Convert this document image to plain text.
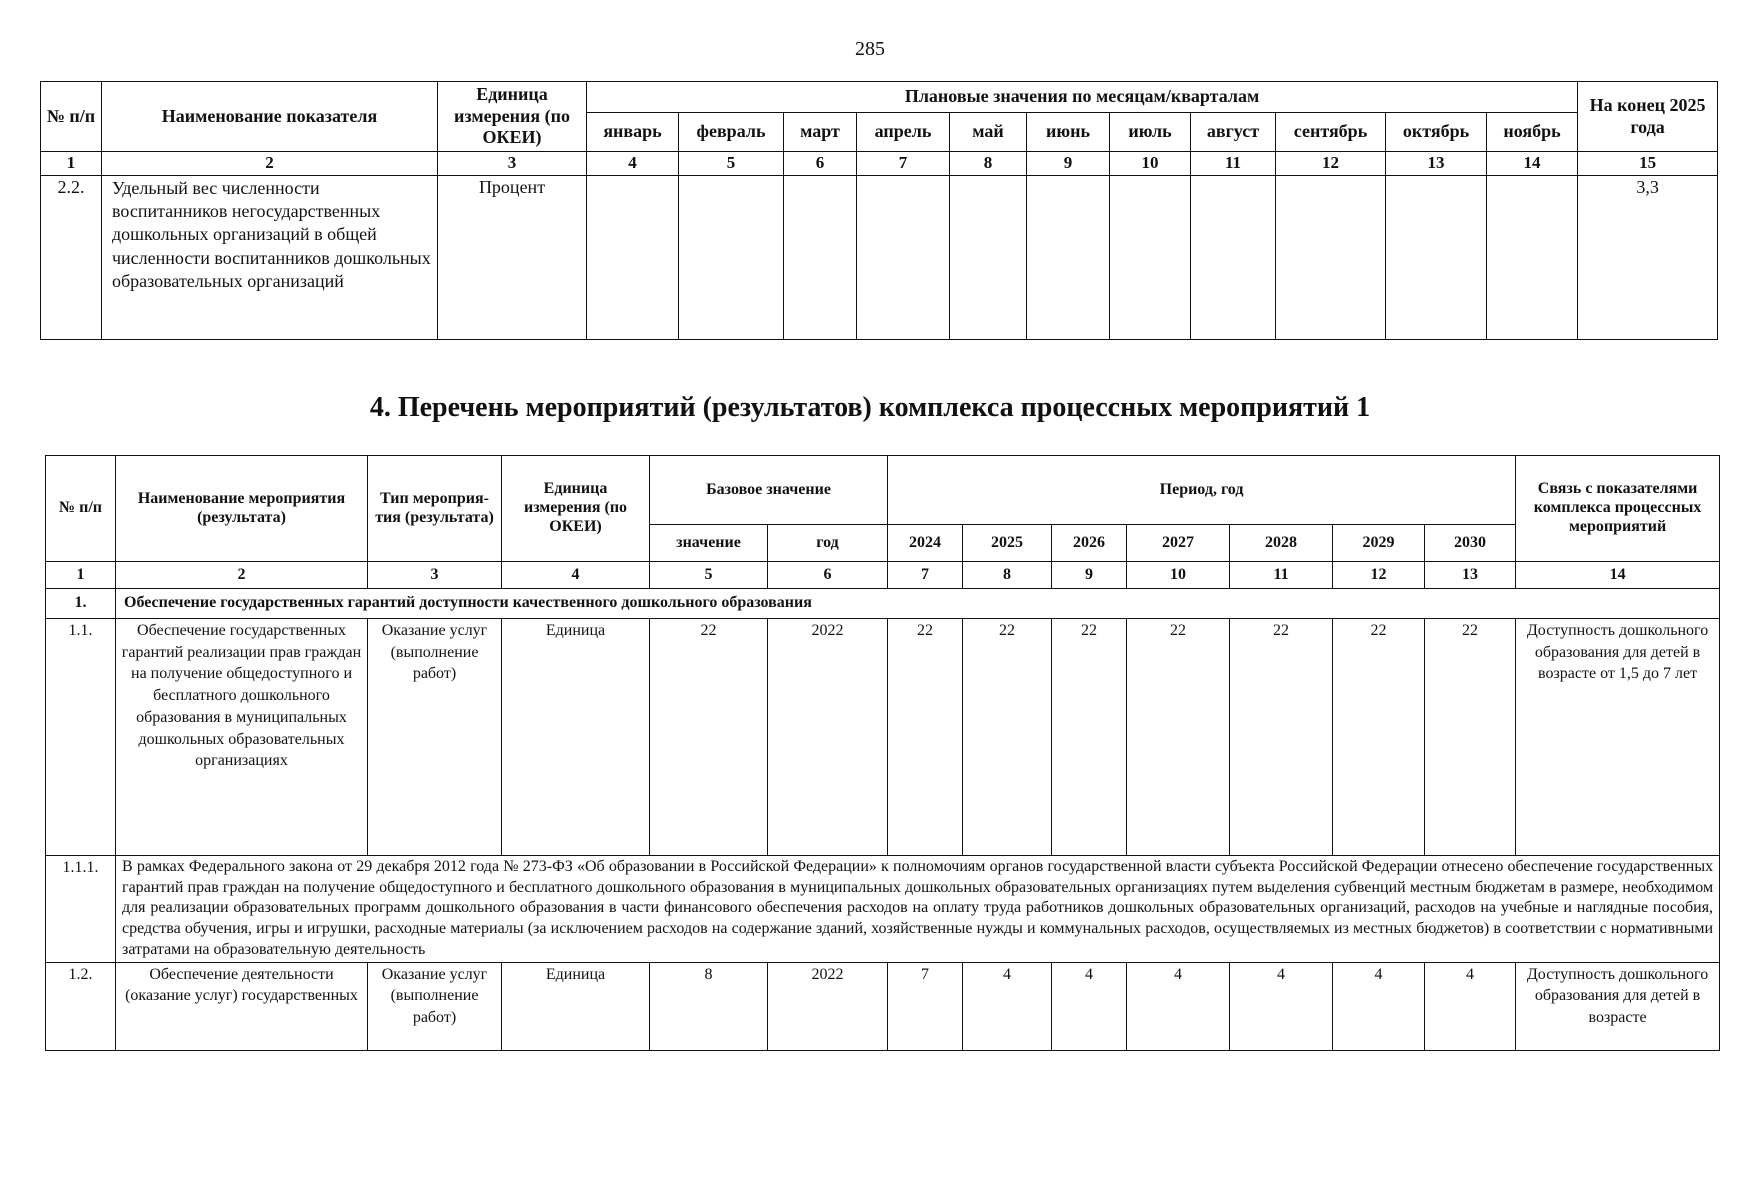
285
№ п/п	Наименование показателя	Единица измерения (по ОКЕИ)	Плановые значения по месяцам/кварталам											На конец 2025 года
			январь	февраль	март	апрель	май	июнь	июль	август	сентябрь	октябрь	ноябрь	
1	2	3	4	5	6	7	8	9	10	11	12	13	14	15
2.2.	Удельный вес численности воспитанников негосударственных дошкольных организаций в общей численности воспитанников дошкольных образовательных организаций	Процент												3,3
4. Перечень мероприятий (результатов) комплекса процессных мероприятий 1
№ п/п	Наименование мероприятия (результата)	Тип мероприя-тия (результата)	Единица измерения (по ОКЕИ)	Базовое значение		Период, год							Связь с показателями комплекса процессных мероприятий
				значение	год	2024	2025	2026	2027	2028	2029	2030	
1	2	3	4	5	6	7	8	9	10	11	12	13	14
1.	Обеспечение государственных гарантий доступности качественного дошкольного образования												
1.1.	Обеспечение государственных гарантий реализации прав граждан на получение общедоступного и бесплатного дошкольного образования в муниципальных дошкольных образовательных организациях	Оказание услуг (выполнение работ)	Единица	22	2022	22	22	22	22	22	22	22	Доступность дошкольного образования для детей в возрасте от 1,5 до 7 лет
1.1.1.	В рамках Федерального закона от 29 декабря 2012 года № 273-ФЗ «Об образовании в Российской Федерации» к полномочиям органов государственной власти субъекта Российской Федерации отнесено обеспечение государственных гарантий прав граждан на получение общедоступного и бесплатного дошкольного образования в муниципальных дошкольных образовательных организациях путем выделения субвенций местным бюджетам в размере, необходимом для реализации образовательных программ дошкольного образования в части финансового обеспечения расходов на оплату труда работников дошкольных образовательных организаций, расходов на учебные и наглядные пособия, средства обучения, игры и игрушки, расходные материалы (за исключением расходов на содержание зданий, хозяйственные нужды и коммунальных расходов, осуществляемых из местных бюджетов) в соответствии с нормативными затратами на образовательную деятельность												
1.2.	Обеспечение деятельности (оказание услуг) государственных	Оказание услуг (выполнение работ)	Единица	8	2022	7	4	4	4	4	4	4	Доступность дошкольного образования для детей в возрасте
